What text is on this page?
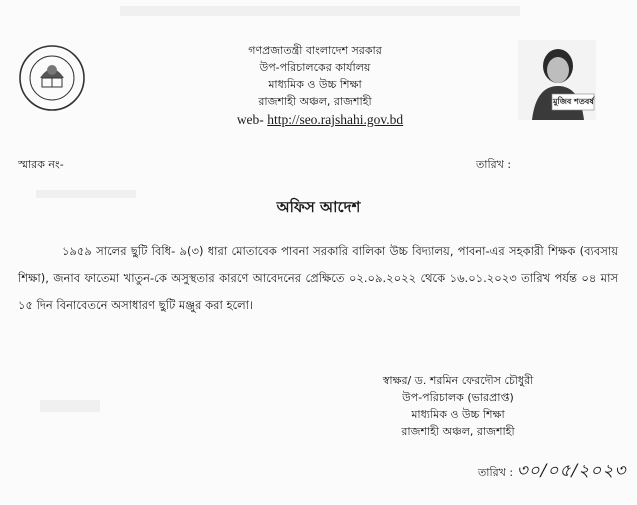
মুজিব শতবর্ষ
গণপ্রজাতন্ত্রী বাংলাদেশ সরকার
উপ-পরিচালকের কার্যালয়
মাধ্যমিক ও উচ্চ শিক্ষা
রাজশাহী অঞ্চল, রাজশাহী
web- http://seo.rajshahi.gov.bd
স্মারক নং-	তারিখ :
অফিস আদেশ

১৯৫৯ সালের ছুটি বিধি- ৯(৩) ধারা মোতাবেক পাবনা সরকারি বালিকা উচ্চ বিদ্যালয়, পাবনা-এর সহকারী শিক্ষক (ব্যবসায় শিক্ষা), জনাব ফাতেমা খাতুন-কে অসুস্থতার কারণে আবেদনের প্রেক্ষিতে ০২.০৯.২০২২ থেকে ১৬.০১.২০২৩ তারিখ পর্যন্ত ০৪ মাস ১৫ দিন বিনাবেতনে অসাধারণ ছুটি মঞ্জুর করা হলো।

স্বাক্ষর/ ড. শরমিন ফেরদৌস চৌধুরী
উপ-পরিচালক (ভারপ্রাপ্ত)
মাধ্যমিক ও উচ্চ শিক্ষা
রাজশাহী অঞ্চল, রাজশাহী
তারিখ : ৩০/০৫/২০২৩
